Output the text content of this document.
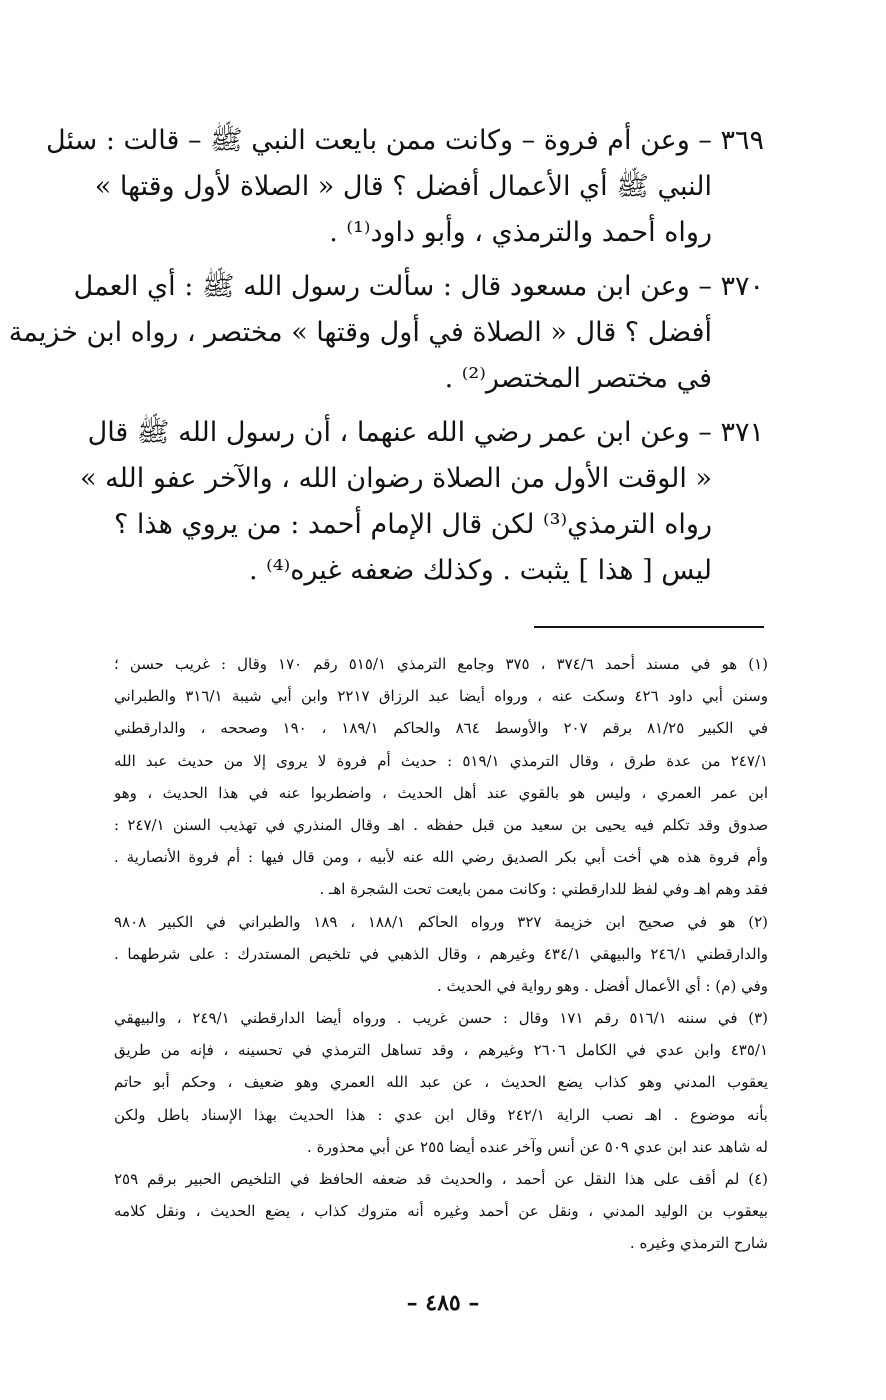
٣٦٩ – وعن أم فروة – وكانت ممن بايعت النبي ﷺ – قالت : سئل
النبي ﷺ أي الأعمال أفضل ؟ قال « الصلاة لأول وقتها »
رواه أحمد والترمذي ، وأبو داود⁽¹⁾ .
٣٧٠ – وعن ابن مسعود قال : سألت رسول الله ﷺ : أي العمل
أفضل ؟ قال « الصلاة في أول وقتها » مختصر ، رواه ابن خزيمة
في مختصر المختصر⁽²⁾ .
٣٧١ – وعن ابن عمر رضي الله عنهما ، أن رسول الله ﷺ قال
« الوقت الأول من الصلاة رضوان الله ، والآخر عفو الله »
رواه الترمذي⁽³⁾ لكن قال الإمام أحمد : من يروي هذا ؟
ليس [ هذا ] يثبت . وكذلك ضعفه غيره⁽⁴⁾ .
(١) هو في مسند أحمد ٣٧٤/٦ ، ٣٧٥ وجامع الترمذي ٥١٥/١ رقم ١٧٠ وقال : غريب حسن ؛
وسنن أبي داود ٤٢٦ وسكت عنه ، ورواه أيضا عبد الرزاق ٢٢١٧ وابن أبي شيبة ٣١٦/١ والطبراني
في الكبير ٨١/٢٥ برقم ٢٠٧ والأوسط ٨٦٤ والحاكم ١٨٩/١ ، ١٩٠ وصححه ، والدارقطني
٢٤٧/١ من عدة طرق ، وقال الترمذي ٥١٩/١ : حديث أم فروة لا يروى إلا من حديث عبد الله
ابن عمر العمري ، وليس هو بالقوي عند أهل الحديث ، واضطربوا عنه في هذا الحديث ، وهو
صدوق وقد تكلم فيه يحيى بن سعيد من قبل حفظه . اهـ وقال المنذري في تهذيب السنن ٢٤٧/١ :
وأم فروة هذه هي أخت أبي بكر الصديق رضي الله عنه لأبيه ، ومن قال فيها : أم فروة الأنصارية .
فقد وهم اهـ وفي لفظ للدارقطني : وكانت ممن بايعت تحت الشجرة اهـ .
(٢) هو في صحيح ابن خزيمة ٣٢٧ ورواه الحاكم ١٨٨/١ ، ١٨٩ والطبراني في الكبير ٩٨٠٨
والدارقطني ٢٤٦/١ والبيهقي ٤٣٤/١ وغيرهم ، وقال الذهبي في تلخيص المستدرك : على شرطهما .
وفي (م) : أي الأعمال أفضل . وهو رواية في الحديث .
(٣) في سننه ٥١٦/١ رقم ١٧١ وقال : حسن غريب . ورواه أيضا الدارقطني ٢٤٩/١ ، والبيهقي
٤٣٥/١ وابن عدي في الكامل ٢٦٠٦ وغيرهم ، وقد تساهل الترمذي في تحسينه ، فإنه من طريق
يعقوب المدني وهو كذاب يضع الحديث ، عن عبد الله العمري وهو ضعيف ، وحكم أبو حاتم
بأنه موضوع . اهـ نصب الراية ٢٤٢/١ وقال ابن عدي : هذا الحديث بهذا الإسناد باطل ولكن
له شاهد عند ابن عدي ٥٠٩ عن أنس وآخر عنده أيضا ٢٥٥ عن أبي محذورة .
(٤) لم أقف على هذا النقل عن أحمد ، والحديث قد ضعفه الحافظ في التلخيص الحبير برقم ٢٥٩
بيعقوب بن الوليد المدني ، ونقل عن أحمد وغيره أنه متروك كذاب ، يضع الحديث ، ونقل كلامه
شارح الترمذي وغيره .
– ٤٨٥ –
